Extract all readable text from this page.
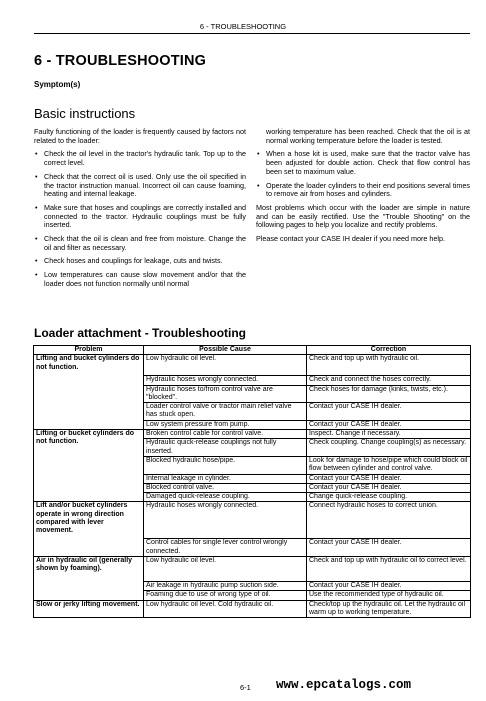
6 - TROUBLESHOOTING
6 - TROUBLESHOOTING
Symptom(s)
Basic instructions

Faulty functioning of the loader is frequently caused by factors not related to the loader:

• Check the oil level in the tractor's hydraulic tank. Top up to the correct level.
• Check that the correct oil is used. Only use the oil specified in the tractor instruction manual. Incorrect oil can cause foaming, heating and internal leakage.
• Make sure that hoses and couplings are correctly installed and connected to the tractor. Hydraulic couplings must be fully inserted.
• Check that the oil is clean and free from moisture. Change the oil and filter as necessary.
• Check hoses and couplings for leakage, cuts and twists.
• Low temperatures can cause slow movement and/or that the loader does not function normally until normal

working temperature has been reached. Check that the oil is at normal working temperature before the loader is tested.

• When a hose kit is used, make sure that the tractor valve has been adjusted for double action. Check that flow control has been set to maximum value.
• Operate the loader cylinders to their end positions several times to remove air from hoses and cylinders.

Most problems which occur with the loader are simple in nature and can be easily rectified. Use the "Trouble Shooting" on the following pages to help you localize and rectify problems.

Please contact your CASE IH dealer if you need more help.

Loader attachment - Troubleshooting
Problem	Possible Cause	Correction
Lifting and bucket cylinders do not function.	Low hydraulic oil level.	Check and top up with hydraulic oil.
	Hydraulic hoses wrongly connected.	Check and connect the hoses correctly.
	Hydraulic hoses to/from control valve are "blocked".	Check hoses for damage (kinks, twists, etc.).
	Loader control valve or tractor main relief valve has stuck open.	Contact your CASE IH dealer.
	Low system pressure from pump.	Contact your CASE IH dealer.
Lifting or bucket cylinders do not function.	Broken control cable for control valve.	Inspect. Change if necessary.
	Hydraulic quick-release couplings not fully inserted.	Check coupling. Change coupling(s) as necessary.
	Blocked hydraulic hose/pipe.	Look for damage to hose/pipe which could block oil flow between cylinder and control valve.
	Internal leakage in cylinder.	Contact your CASE IH dealer.
	Blocked control valve.	Contact your CASE IH dealer.
	Damaged quick-release coupling.	Change quick-release coupling.
Lift and/or bucket cylinders operate in wrong direction compared with lever movement.	Hydraulic hoses wrongly connected.	Connect hydraulic hoses to correct union.
	Control cables for single lever control wrongly connected.	Contact your CASE IH dealer.
Air in hydraulic oil (generally shown by foaming).	Low hydraulic oil level.	Check and top up with hydraulic oil to correct level.
	Air leakage in hydraulic pump suction side.	Contact your CASE IH dealer.
	Foaming due to use of wrong type of oil.	Use the recommended type of hydraulic oil.
Slow or jerky lifting movement.	Low hydraulic oil level. Cold hydraulic oil.	Check/top up the hydraulic oil. Let the hydraulic oil warm up to working temperature.
6-1 www.epcatalogs.com
